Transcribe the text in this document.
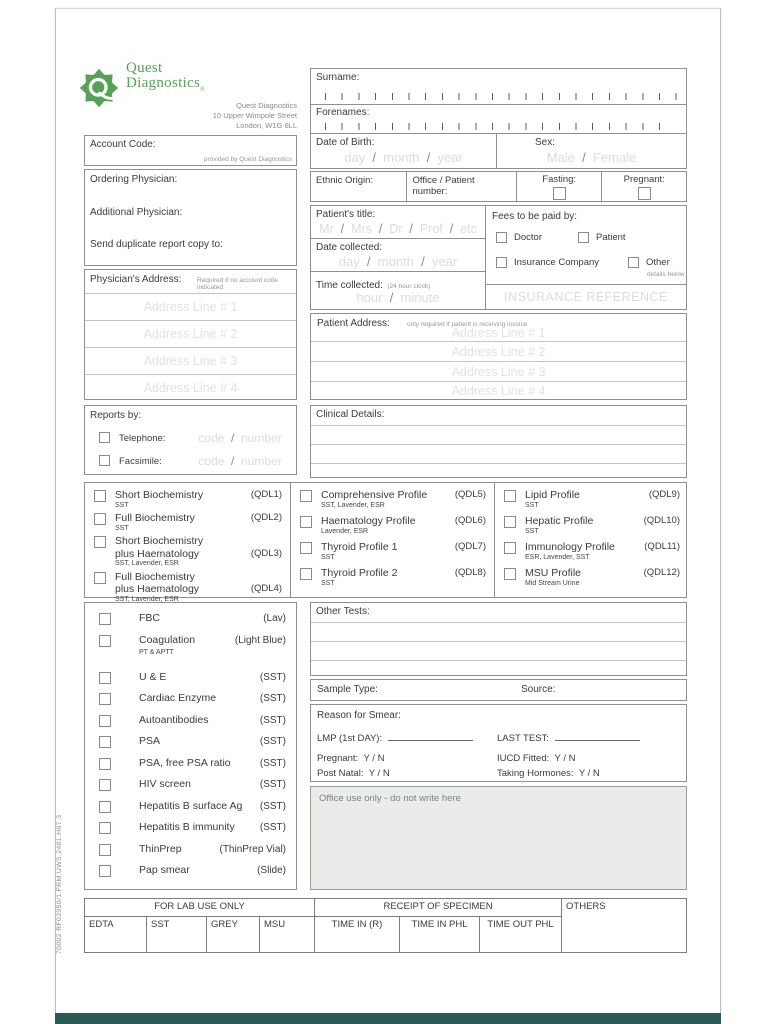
Quest
Diagnostics$_®$
Quest Diagnostics
10 Upper Wimpole Street
London, W1G 6LL
Account Code:
provided by Quest Diagnostics
Ordering Physician:
Additional Physician:
Send duplicate report copy to:
Physician's Address: Required if no account code indicated
Address Line # 1
Address Line # 2
Address Line # 3
Address Line # 4
Reports by:
Telephone:	code  /  number
Facsimile:	code  /  number
Surname:
Forenames:
Date of Birth:
day  /  month  /  year
Sex:
Male  /  Female
Ethnic Origin:	Office / Patient number:
Fasting:	Pregnant:
Patient's title:
Mr  /  Mrs  /  Dr  /  Prof  /  etc
Date collected:
day  /  month  /  year
Time collected: (24 hour clock)
hour  /  minute
Fees to be paid by:
Doctor	Patient
Insurance Company	Other
details below
INSURANCE REFERENCE
Patient Address:	only required if patient is receiving invoice
Address Line # 1
Address Line # 2
Address Line # 3
Address Line # 4
Clinical Details:
Short Biochemistry	(QDL1)
SST
Full Biochemistry	(QDL2)
SST
Short Biochemistry
plus Haematology	(QDL3)
SST, Lavender, ESR
Full Biochemistry
plus Haematology	(QDL4)
SST, Lavender, ESR
Comprehensive Profile	(QDL5)
SST, Lavender, ESR
Haematology Profile	(QDL6)
Lavender, ESR
Thyroid Profile 1	(QDL7)
SST
Thyroid Profile 2	(QDL8)
SST
Lipid Profile	(QDL9)
SST
Hepatic Profile	(QDL10)
SST
Immunology Profile	(QDL11)
ESR, Lavender, SST
MSU Profile	(QDL12)
Mid Stream Urine
FBC	(Lav)
Coagulation	(Light Blue)
PT & APTT
U & E	(SST)
Cardiac Enzyme	(SST)
Autoantibodies	(SST)
PSA	(SST)
PSA, free PSA ratio	(SST)
HIV screen	(SST)
Hepatitis B surface Ag (SST)
Hepatitis B immunity	(SST)
ThinPrep	(ThinPrep Vial)
Pap smear	(Slide)
Other Tests:
Sample Type:	Source:
Reason for Smear:
LMP (1st DAY):	LAST TEST:
Pregnant: Y / N	IUCD Fitted: Y / N
Post Natal: Y / N	Taking Hormones: Y / N
Office use only - do not write here
FOR LAB USE ONLY				RECEIPT OF SPECIMEN			OTHERS
EDTA	SST	GREY	MSU	TIME IN (R)	TIME IN PHL	TIME OUT PHL	
70002 RF02050/1 FRM.UWS.2401.H07.3
